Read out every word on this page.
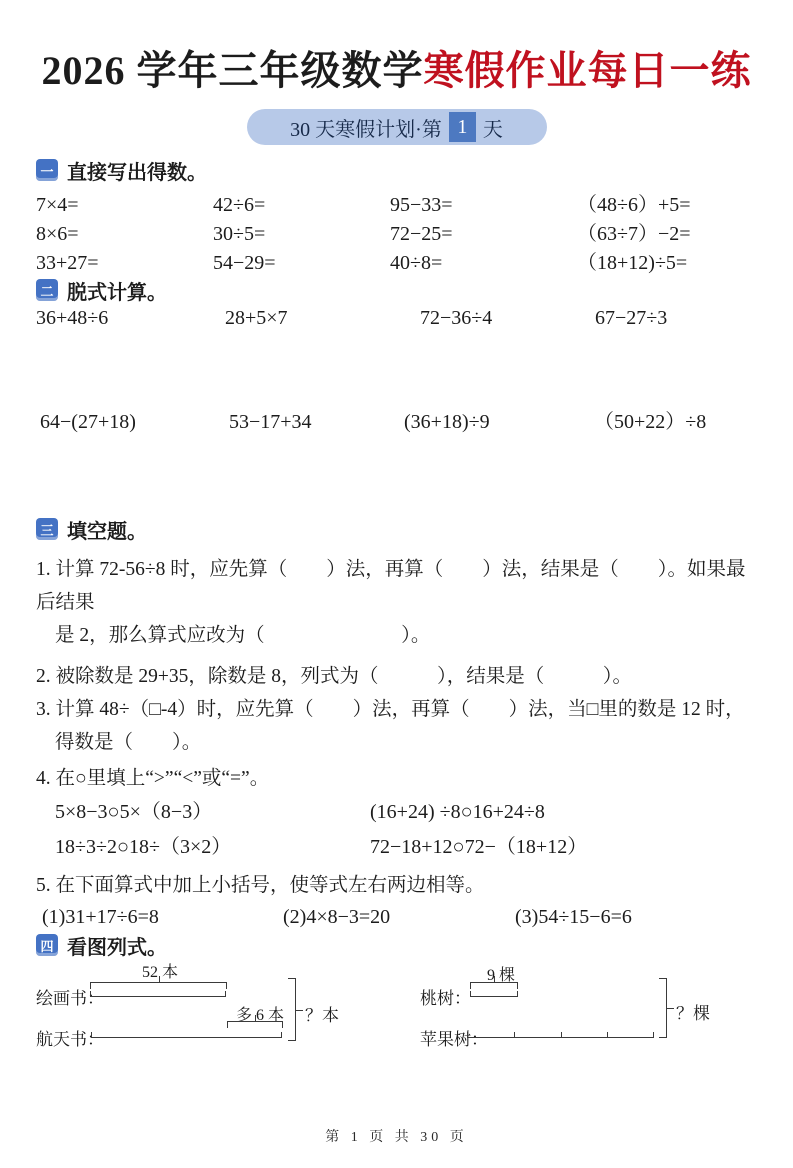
2026 学年三年级数学寒假作业每日一练
30 天寒假计划·第 1 天
一 直接写出得数。
7×4=	42÷6=	95−33=	（48÷6）+5=
8×6=	30÷5=	72−25=	（63÷7）−2=
33+27=	54−29=	40÷8=	（18+12)÷5=
二 脱式计算。
36+48÷6	28+5×7	72−36÷4	67−27÷3
64−(27+18)	53−17+34	(36+18)÷9	（50+22）÷8
三 填空题。
1. 计算 72-56÷8 时，应先算（　　）法，再算（　　）法，结果是（　　）。如果最后结果
是 2，那么算式应改为（　　　　　　　）。
2. 被除数是 29+35，除数是 8，列式为（　　　），结果是（　　　）。
3. 计算 48÷（□-4）时，应先算（　　）法，再算（　　）法，当□里的数是 12 时，
得数是（　　）。
4. 在○里填上“>”“<”或“=”。
5×8−3○5×（8−3）	(16+24) ÷8○16+24÷8
18÷3÷2○18÷（3×2）	72−18+12○72−（18+12）
5. 在下面算式中加上小括号，使等式左右两边相等。
(1)31+17÷6=8	(2)4×8−3=20	(3)54÷15−6=6
四 看图列式。
52 本
绘画书：
多 6 本
航天书：
？本
9 棵
桃树：
苹果树：
？棵
第 1 页 共 30 页
